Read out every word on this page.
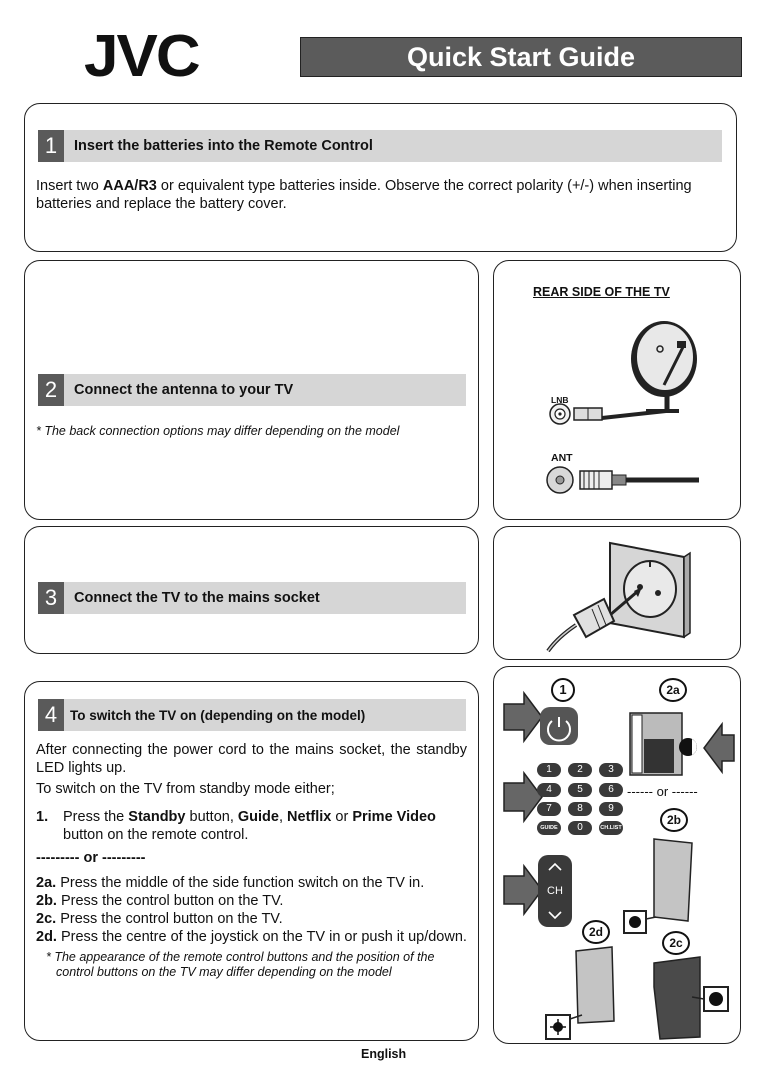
JVC	Quick Start Guide
1	Insert the batteries into the Remote Control
Insert two AAA/R3 or equivalent type batteries inside. Observe the correct polarity (+/-) when inserting batteries and replace the battery cover.
2	Connect the antenna to your TV
* The back connection options may differ depending on the model
REAR SIDE OF THE TV
LNB
ANT
3	Connect the TV to the mains socket
4 To switch the TV on (depending on the model)

After connecting the power cord to the mains socket, the standby LED lights up.

To switch on the TV from standby mode either;

1.	Press the Standby button, Guide, Netflix or Prime Video button on the remote control.

--------- or ---------

2a. Press the middle of the side function switch on the TV in.

2b. Press the control button on the TV.

2c. Press the control button on the TV.

2d. Press the centre of the joystick on the TV in or push it up/down.

* The appearance of the remote control buttons and the position of the control buttons on the TV may differ depending on the model

1	2a
2b
2d
2c
------ or ------
1	2	3
4	5	6
7	8	9
GUIDE	0	CH.LIST
CH
English
